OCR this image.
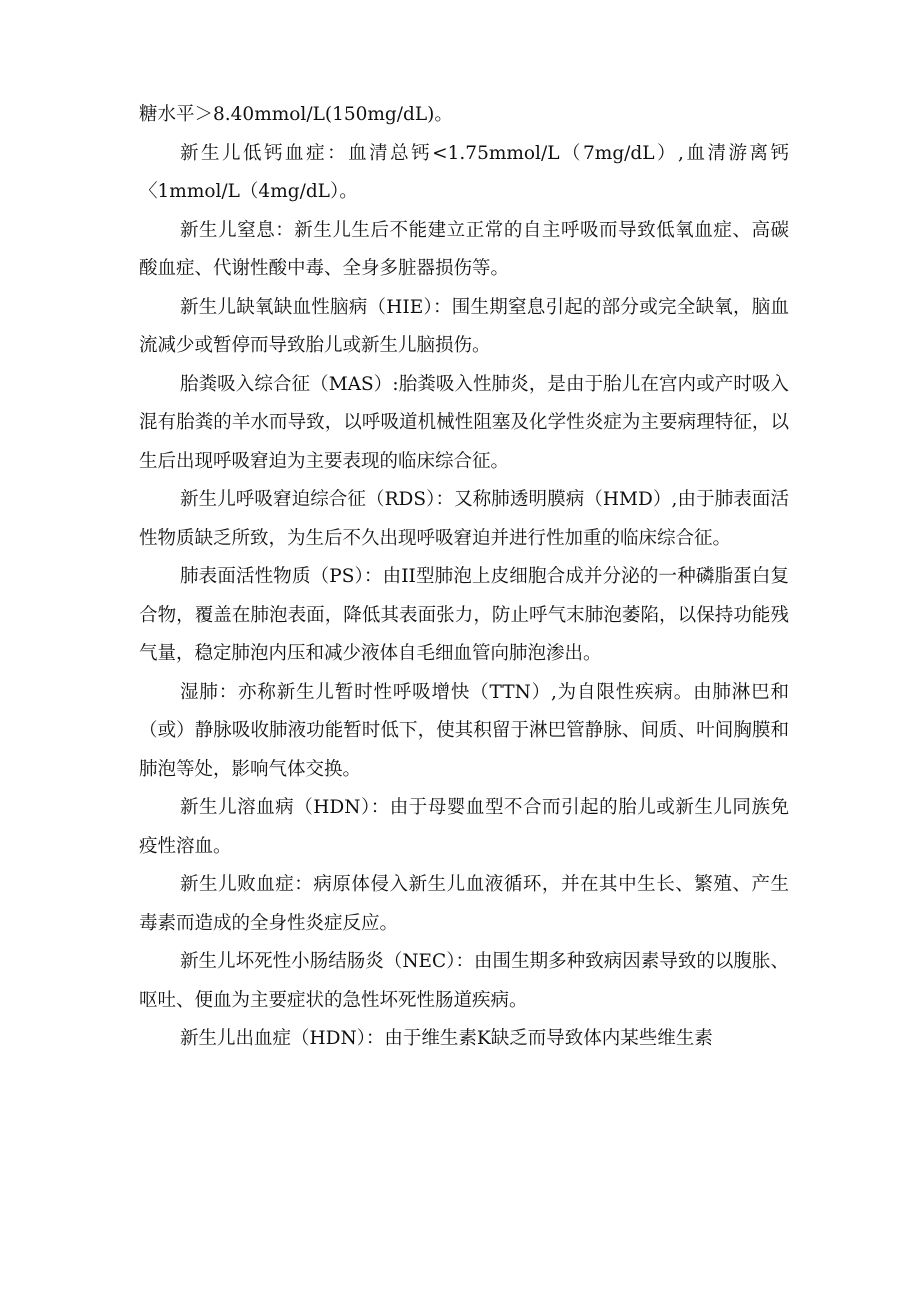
糖水平＞8.40mmol/L(150mg/dL)。

新生儿低钙血症：血清总钙<1.75mmol/L（7mg/dL）,血清游离钙〈1mmol/L（4mg/dL）。

新生儿窒息：新生儿生后不能建立正常的自主呼吸而导致低氧血症、高碳酸血症、代谢性酸中毒、全身多脏器损伤等。

新生儿缺氧缺血性脑病（HIE）：围生期窒息引起的部分或完全缺氧，脑血流减少或暂停而导致胎儿或新生儿脑损伤。

胎粪吸入综合征（MAS）:胎粪吸入性肺炎，是由于胎儿在宫内或产时吸入混有胎粪的羊水而导致，以呼吸道机械性阻塞及化学性炎症为主要病理特征，以生后出现呼吸窘迫为主要表现的临床综合征。

新生儿呼吸窘迫综合征（RDS）：又称肺透明膜病（HMD）,由于肺表面活性物质缺乏所致，为生后不久出现呼吸窘迫并进行性加重的临床综合征。

肺表面活性物质（PS）：由II型肺泡上皮细胞合成并分泌的一种磷脂蛋白复合物，覆盖在肺泡表面，降低其表面张力，防止呼气末肺泡萎陷，以保持功能残气量，稳定肺泡内压和减少液体自毛细血管向肺泡渗出。

湿肺：亦称新生儿暂时性呼吸增快（TTN）,为自限性疾病。由肺淋巴和（或）静脉吸收肺液功能暂时低下，使其积留于淋巴管静脉、间质、叶间胸膜和肺泡等处，影响气体交换。

新生儿溶血病（HDN）：由于母婴血型不合而引起的胎儿或新生儿同族免疫性溶血。

新生儿败血症：病原体侵入新生儿血液循环，并在其中生长、繁殖、产生毒素而造成的全身性炎症反应。

新生儿坏死性小肠结肠炎（NEC）：由围生期多种致病因素导致的以腹胀、呕吐、便血为主要症状的急性坏死性肠道疾病。

新生儿出血症（HDN）：由于维生素K缺乏而导致体内某些维生素
